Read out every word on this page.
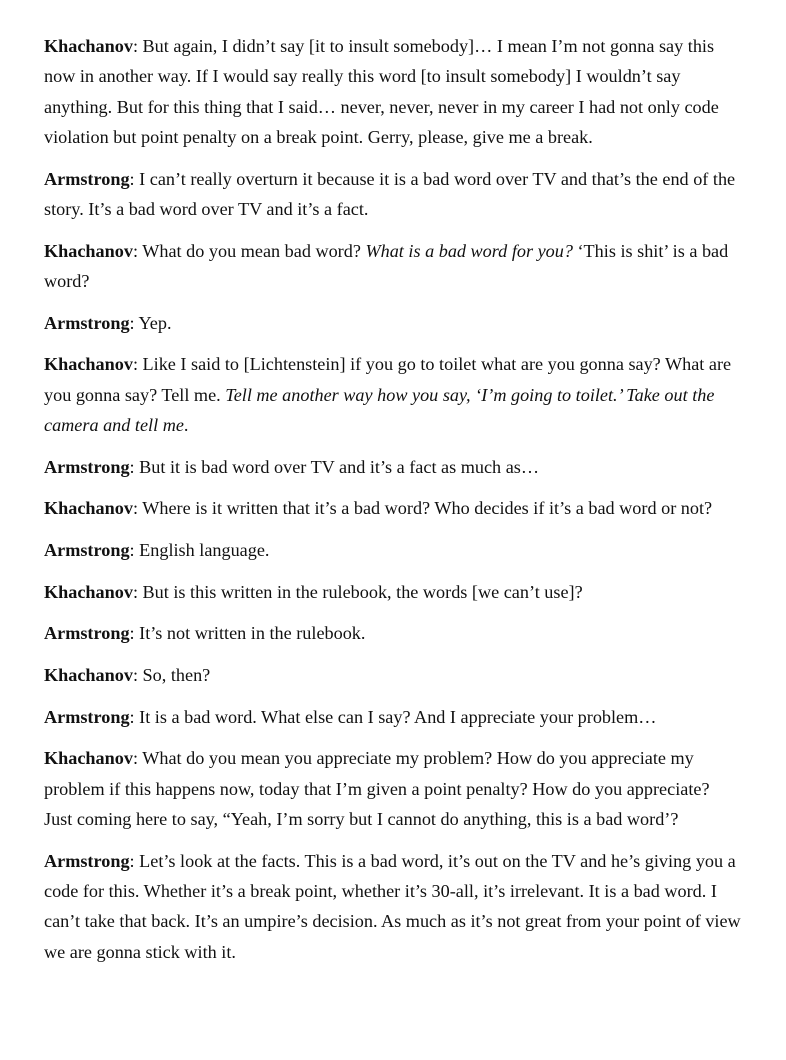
Khachanov: But again, I didn’t say [it to insult somebody]… I mean I’m not gonna say this now in another way. If I would say really this word [to insult somebody] I wouldn’t say anything. But for this thing that I said… never, never, never in my career I had not only code violation but point penalty on a break point. Gerry, please, give me a break.

Armstrong: I can’t really overturn it because it is a bad word over TV and that’s the end of the story. It’s a bad word over TV and it’s a fact.

Khachanov: What do you mean bad word? What is a bad word for you? ‘This is shit’ is a bad word?

Armstrong: Yep.

Khachanov: Like I said to [Lichtenstein] if you go to toilet what are you gonna say? What are you gonna say? Tell me. Tell me another way how you say, ‘I’m going to toilet.’ Take out the camera and tell me.

Armstrong: But it is bad word over TV and it’s a fact as much as…

Khachanov: Where is it written that it’s a bad word? Who decides if it’s a bad word or not?

Armstrong: English language.

Khachanov: But is this written in the rulebook, the words [we can’t use]?

Armstrong: It’s not written in the rulebook.

Khachanov: So, then?

Armstrong: It is a bad word. What else can I say? And I appreciate your problem…

Khachanov: What do you mean you appreciate my problem? How do you appreciate my problem if this happens now, today that I’m given a point penalty? How do you appreciate? Just coming here to say, “Yeah, I’m sorry but I cannot do anything, this is a bad word’?

Armstrong: Let’s look at the facts. This is a bad word, it’s out on the TV and he’s giving you a code for this. Whether it’s a break point, whether it’s 30-all, it’s irrelevant. It is a bad word. I can’t take that back. It’s an umpire’s decision. As much as it’s not great from your point of view we are gonna stick with it.
